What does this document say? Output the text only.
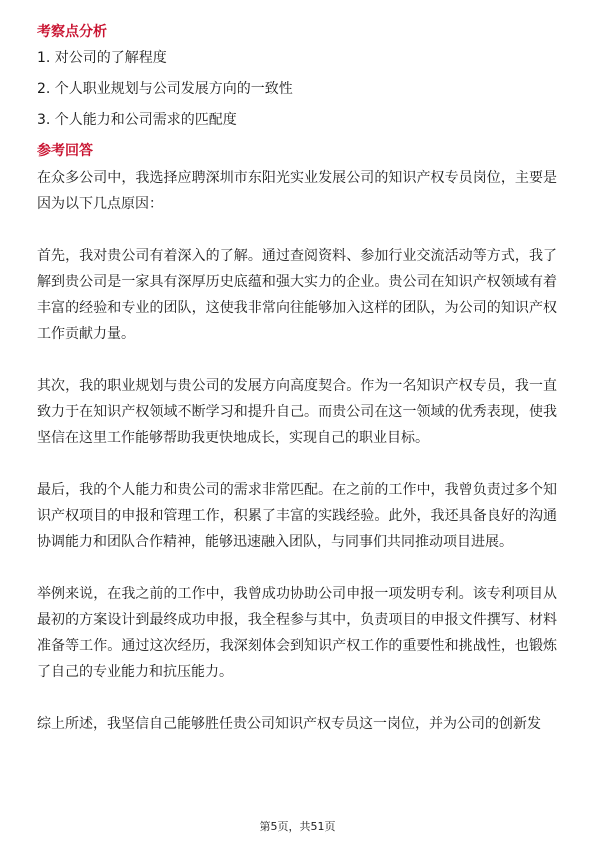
考察点分析
1. 对公司的了解程度
2. 个人职业规划与公司发展方向的一致性
3. 个人能力和公司需求的匹配度
参考回答

在众多公司中，我选择应聘深圳市东阳光实业发展公司的知识产权专员岗位，主要是因为以下几点原因：

首先，我对贵公司有着深入的了解。通过查阅资料、参加行业交流活动等方式，我了解到贵公司是一家具有深厚历史底蕴和强大实力的企业。贵公司在知识产权领域有着丰富的经验和专业的团队，这使我非常向往能够加入这样的团队，为公司的知识产权工作贡献力量。

其次，我的职业规划与贵公司的发展方向高度契合。作为一名知识产权专员，我一直致力于在知识产权领域不断学习和提升自己。而贵公司在这一领域的优秀表现，使我坚信在这里工作能够帮助我更快地成长，实现自己的职业目标。

最后，我的个人能力和贵公司的需求非常匹配。在之前的工作中，我曾负责过多个知识产权项目的申报和管理工作，积累了丰富的实践经验。此外，我还具备良好的沟通协调能力和团队合作精神，能够迅速融入团队，与同事们共同推动项目进展。

举例来说，在我之前的工作中，我曾成功协助公司申报一项发明专利。该专利项目从最初的方案设计到最终成功申报，我全程参与其中，负责项目的申报文件撰写、材料准备等工作。通过这次经历，我深刻体会到知识产权工作的重要性和挑战性，也锻炼了自己的专业能力和抗压能力。

综上所述，我坚信自己能够胜任贵公司知识产权专员这一岗位，并为公司的创新发

第5页，共51页
